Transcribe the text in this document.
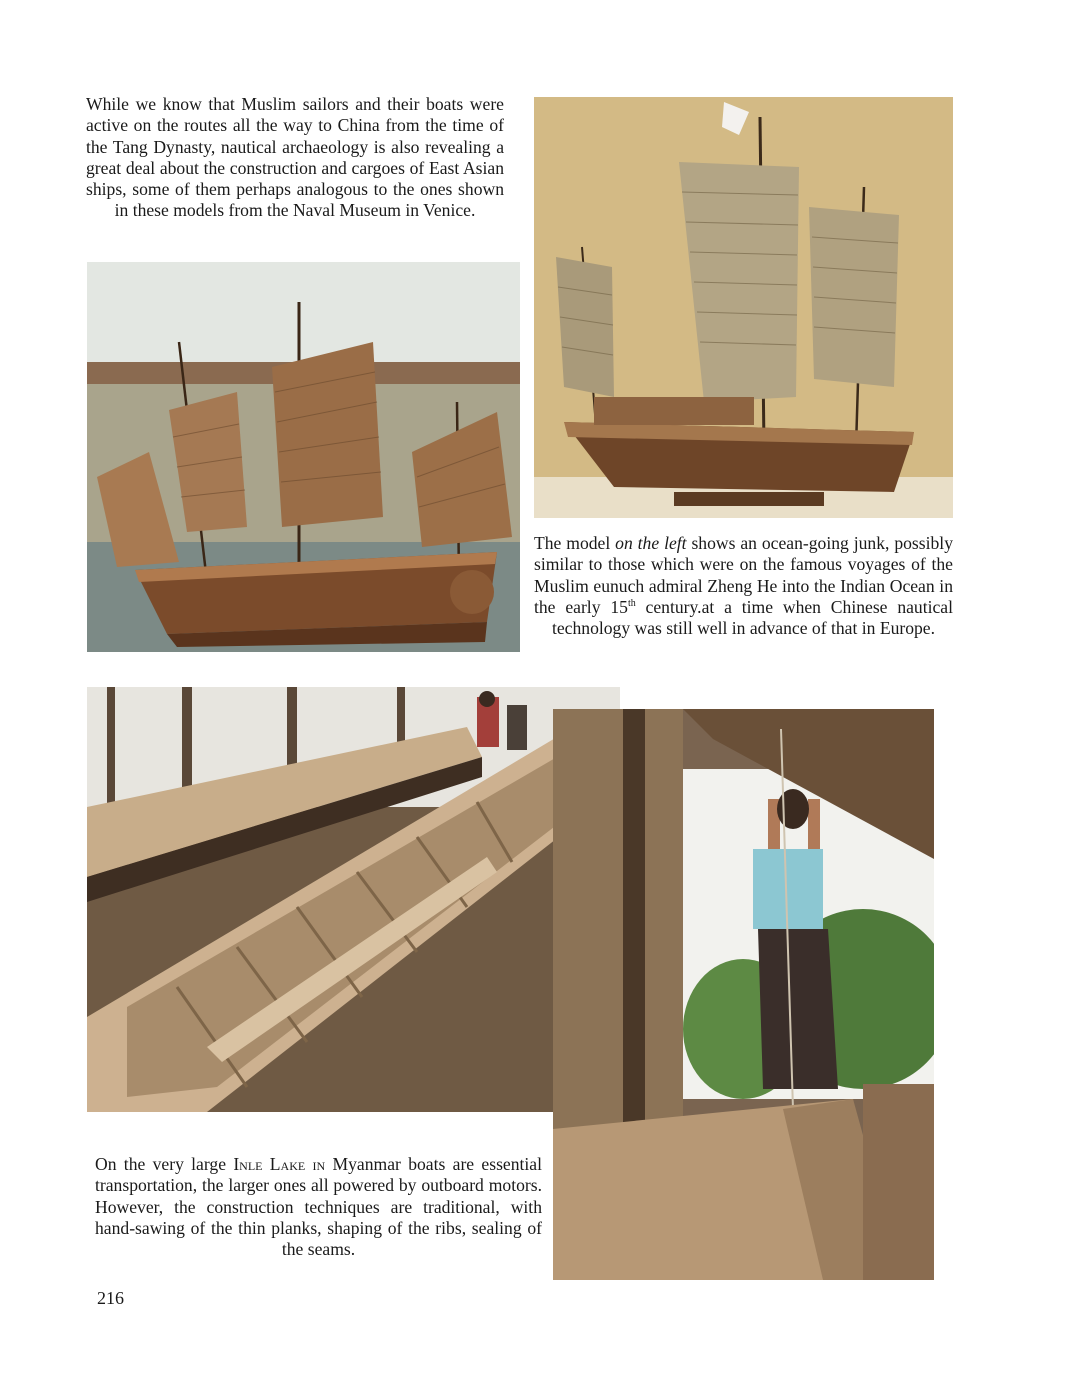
While we know that Muslim sailors and their boats were active on the routes all the way to China from the time of the Tang Dynasty, nautical archaeology is also revealing a great deal about the construction and cargoes of East Asian ships, some of them perhaps analogous to the ones shown in these models from the Naval Museum in Venice.

The model on the left shows an ocean-going junk, possibly similar to those which were on the famous voyages of the Muslim eunuch admiral Zheng He into the Indian Ocean in the early 15th century.at a time when Chinese nautical technology was still well in advance of that in Europe.

On the very large Inle Lake in Myanmar boats are essential transportation, the larger ones all powered by outboard motors. However, the construction techniques are traditional, with hand-sawing of the thin planks, shaping of the ribs, sealing of the seams.

216
